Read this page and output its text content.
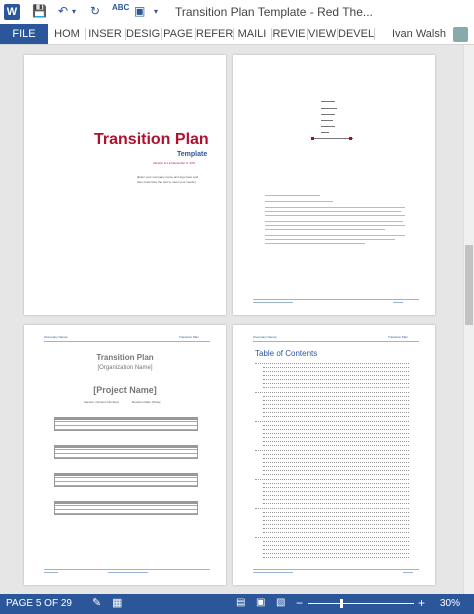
W 💾 ↶ ▾ ↻ ABC ▣ ▾ Transition Plan Template - Red The...
FILE	HOM INSER DESIG PAGE REFER MAILI REVIE VIEW DEVEL Ivan Walsh
Transition Plan
Template
Version 0.1 ● December 9, 2XX
[Enter your company name and logo here and then customize the text to meet your needs.]
[Company Name]	Transition Plan
Transition Plan
[Organization Name]
[Project Name]
Version: [Version Number]	Revision Date: [Date]
[Company Name]	Transition Plan
Table of Contents
PAGE 5 OF 29 ✎ ▦	▤ ▣ ▧ −	+ 30%
